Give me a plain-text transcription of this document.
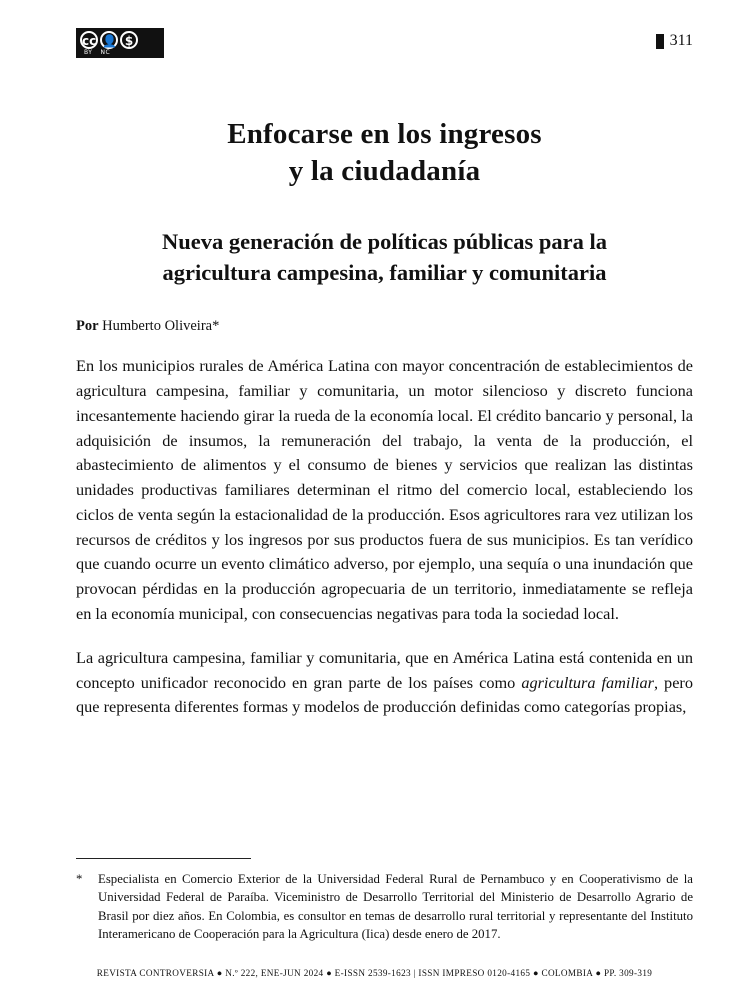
cc 👤 $
BY NC
311
Enfocarse en los ingresos
y la ciudadanía
Nueva generación de políticas públicas para la
agricultura campesina, familiar y comunitaria
Por Humberto Oliveira*

En los municipios rurales de América Latina con mayor concentración de establecimientos de agricultura campesina, familiar y comunitaria, un motor silencioso y discreto funciona incesantemente haciendo girar la rueda de la economía local. El crédito bancario y personal, la adquisición de insumos, la remuneración del trabajo, la venta de la producción, el abastecimiento de alimentos y el consumo de bienes y servicios que realizan las distintas unidades productivas familiares determinan el ritmo del comercio local, estableciendo los ciclos de venta según la estacionalidad de la producción. Esos agricultores rara vez utilizan los recursos de créditos y los ingresos por sus productos fuera de sus municipios. Es tan verídico que cuando ocurre un evento climático adverso, por ejemplo, una sequía o una inundación que provocan pérdidas en la producción agropecuaria de un territorio, inmediatamente se refleja en la economía municipal, con consecuencias negativas para toda la sociedad local.

La agricultura campesina, familiar y comunitaria, que en América Latina está contenida en un concepto unificador reconocido en gran parte de los países como agricultura familiar, pero que representa diferentes formas y modelos de producción definidas como categorías propias,

* Especialista en Comercio Exterior de la Universidad Federal Rural de Pernambuco y en Cooperativismo de la Universidad Federal de Paraíba. Viceministro de Desarrollo Territorial del Ministerio de Desarrollo Agrario de Brasil por diez años. En Colombia, es consultor en temas de desarrollo rural territorial y representante del Instituto Interamericano de Cooperación para la Agricultura (Iica) desde enero de 2017.
REVISTA CONTROVERSIA ● N.º 222, ENE-JUN 2024 ● E-ISSN 2539-1623 | ISSN IMPRESO 0120-4165 ● COLOMBIA ● PP. 309-319
